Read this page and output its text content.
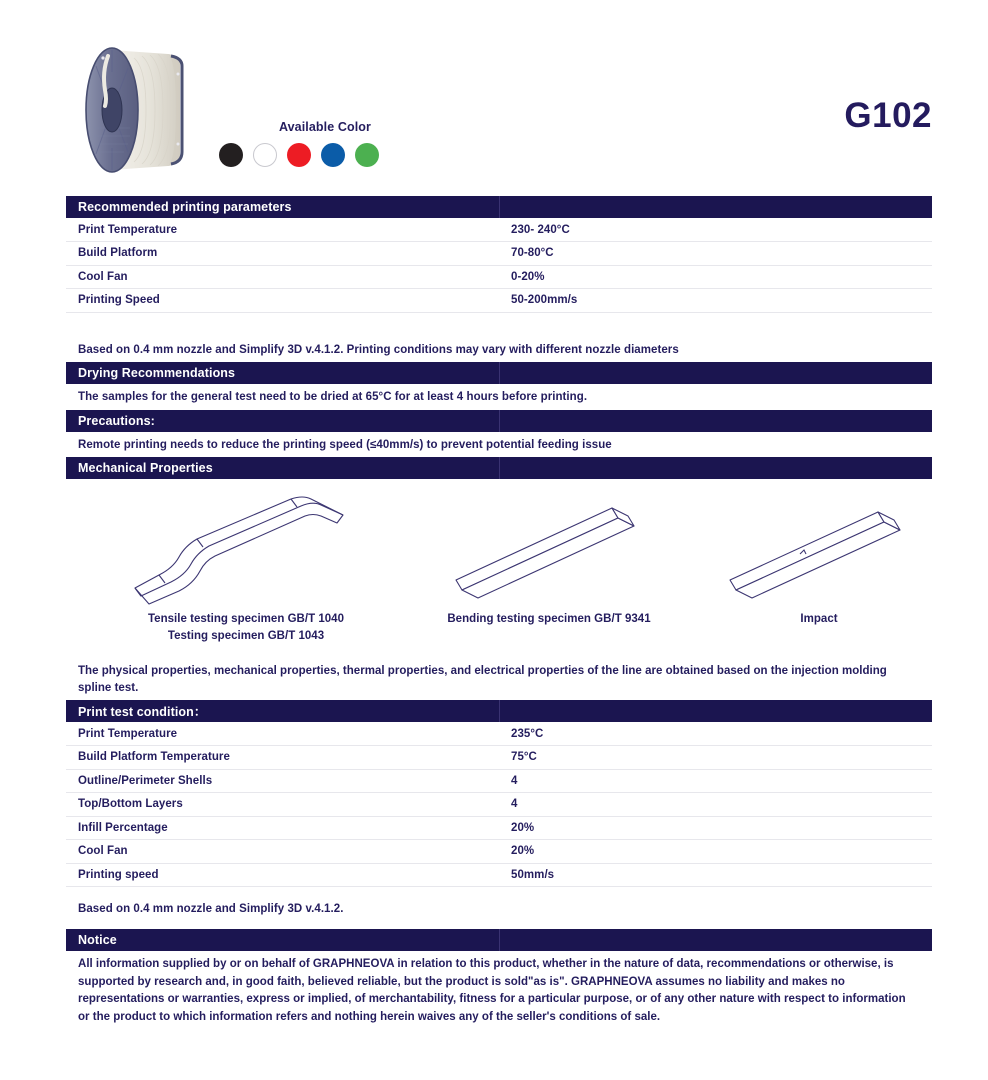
Available Color	G102
Recommended printing parameters
Print Temperature	230- 240°C
Build Platform	70-80°C
Cool Fan	0-20%
Printing Speed	50-200mm/s
Based on 0.4 mm nozzle and Simplify 3D v.4.1.2. Printing conditions may vary with different nozzle diameters
Drying Recommendations
The samples for the general test need to be dried at 65°C for at least 4 hours before printing.
Precautions:
Remote printing needs to reduce the printing speed (≤40mm/s) to prevent potential feeding issue
Mechanical Properties
Tensile testing specimen GB/T 1040
Testing specimen GB/T 1043
Bending testing specimen GB/T 9341	Impact
The physical properties, mechanical properties, thermal properties, and electrical properties of the line are obtained based on the injection molding spline test.
Print test condition：
Print Temperature	235°C
Build Platform Temperature	75°C
Outline/Perimeter Shells	4
Top/Bottom Layers	4
Infill Percentage	20%
Cool Fan	20%
Printing speed	50mm/s
Based on 0.4 mm nozzle and Simplify 3D v.4.1.2.
Notice
All information supplied by or on behalf of GRAPHNEOVA in relation to this product, whether in the nature of data, recommendations or otherwise, is supported by research and, in good faith, believed reliable, but the product is sold"as is". GRAPHNEOVA assumes no liability and makes no representations or warranties, express or implied, of merchantability, fitness for a particular purpose, or of any other nature with respect to information or the product to which information refers and nothing herein waives any of the seller's conditions of sale.
